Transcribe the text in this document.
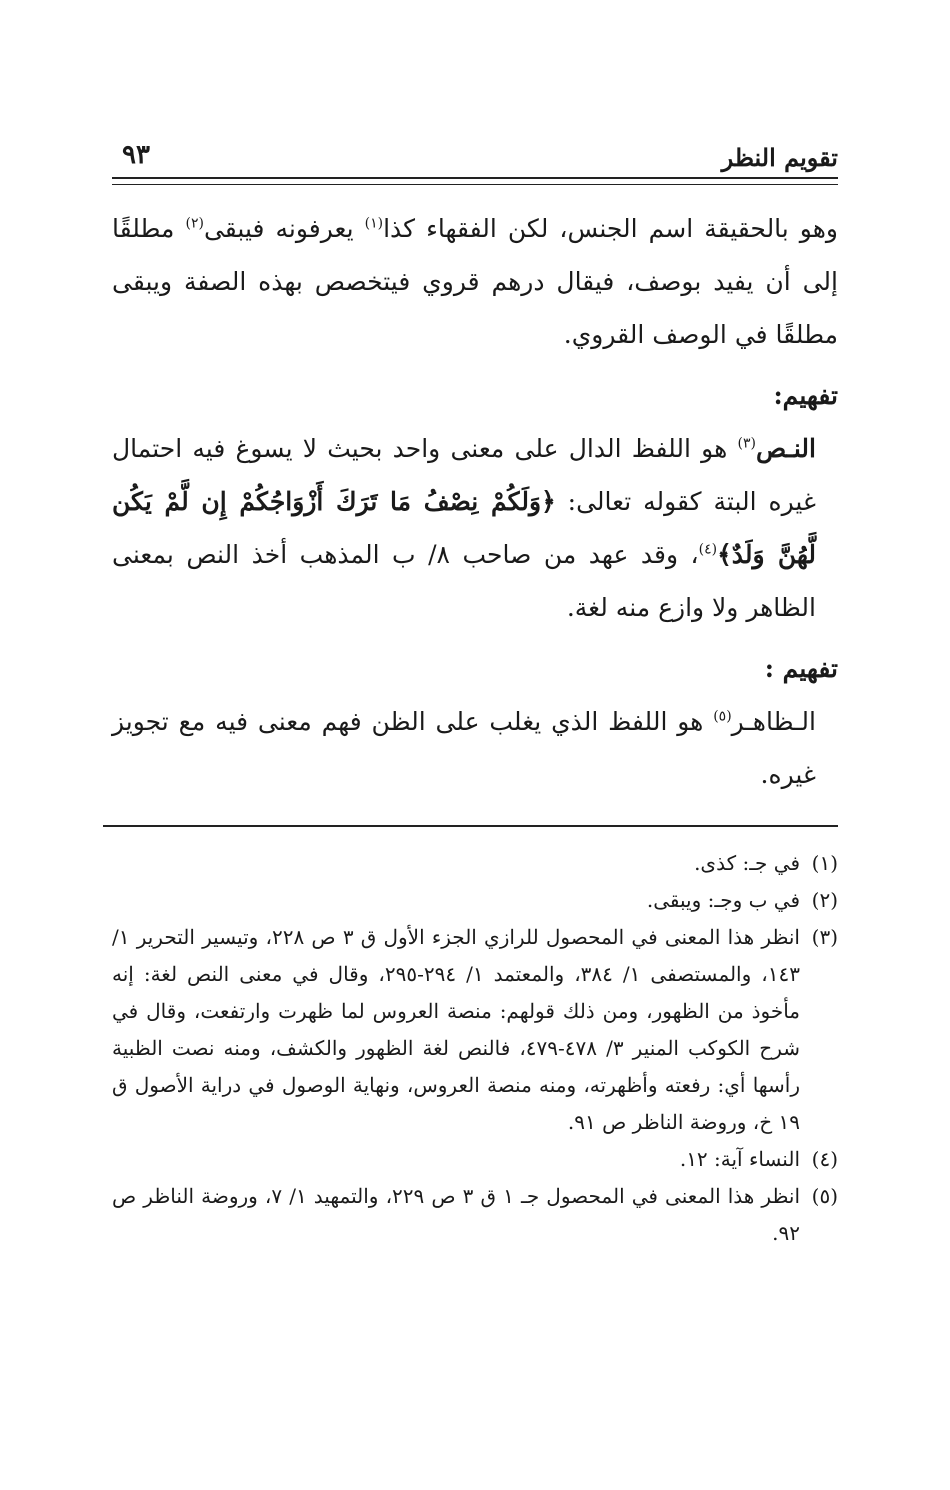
تقويم النظر
٩٣

وهو بالحقيقة اسم الجنس، لكن الفقهاء كذا$^{(١)}$ يعرفونه فيبقى$^{(٢)}$ مطلقًا إلى أن يفيد بوصف، فيقال درهم قروي فيتخصص بهذه الصفة ويبقى مطلقًا في الوصف القروي.

تفهيم:

النـص$^{(٣)}$ هو اللفظ الدال على معنى واحد بحيث لا يسوغ فيه احتمال غيره البتة كقوله تعالى: ﴿وَلَكُمْ نِصْفُ مَا تَرَكَ أَزْوَاجُكُمْ إِن لَّمْ يَكُن لَّهُنَّ وَلَدٌ﴾$^{(٤)}$، وقد عهد من صاحب ٨/ ب المذهب أخذ النص بمعنى الظاهر ولا وازع منه لغة.

تفهيم :

الـظاهـر$^{(٥)}$ هو اللفظ الذي يغلب على الظن فهم معنى فيه مع تجويز غيره.

(١)
في جـ: كذى.

(٢)
في ب وجـ: ويبقى.

(٣)
انظر هذا المعنى في المحصول للرازي الجزء الأول ق ٣ ص ٢٢٨، وتيسير التحرير ١/ ١٤٣، والمستصفى ١/ ٣٨٤، والمعتمد ١/ ٢٩٤-٢٩٥، وقال في معنى النص لغة: إنه مأخوذ من الظهور، ومن ذلك قولهم: منصة العروس لما ظهرت وارتفعت، وقال في شرح الكوكب المنير ٣/ ٤٧٨-٤٧٩، فالنص لغة الظهور والكشف، ومنه نصت الظبية رأسها أي: رفعته وأظهرته، ومنه منصة العروس، ونهاية الوصول في دراية الأصول ق ١٩ خ، وروضة الناظر ص ٩١.

(٤)
النساء آية: ١٢.

(٥)
انظر هذا المعنى في المحصول جـ ١ ق ٣ ص ٢٢٩، والتمهيد ١/ ٧، وروضة الناظر ص ٩٢.
